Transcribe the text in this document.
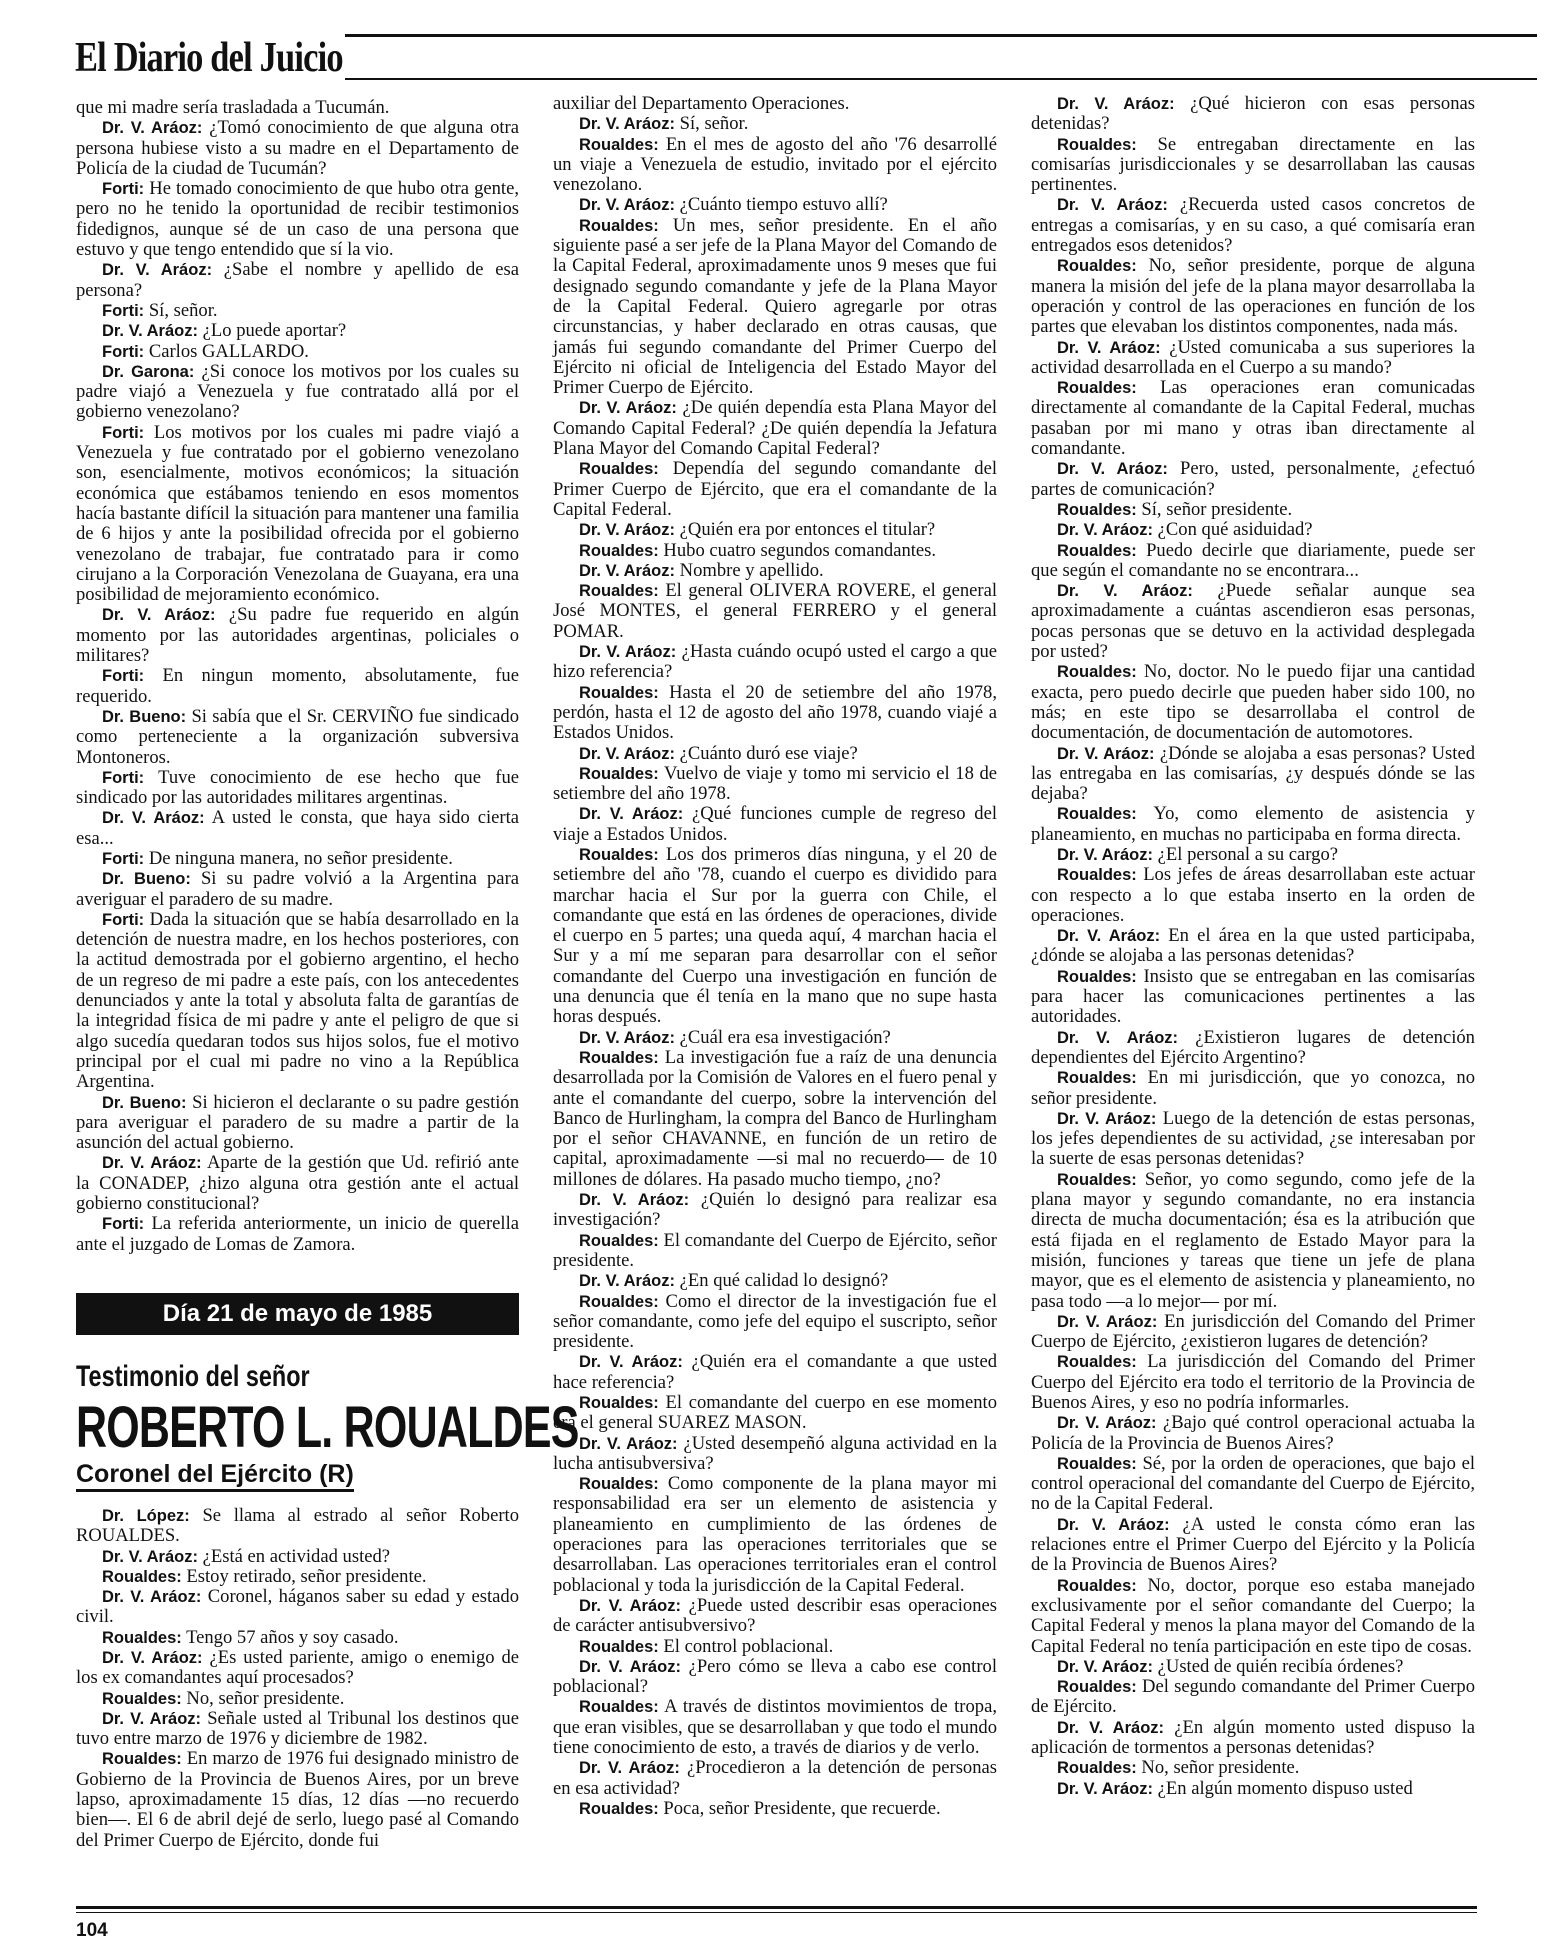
El Diario del Juicio

que mi madre sería trasladada a Tucumán.

Dr. V. Aráoz: ¿Tomó conocimiento de que alguna otra persona hubiese visto a su madre en el Departamento de Policía de la ciudad de Tucumán?

Forti: He tomado conocimiento de que hubo otra gente, pero no he tenido la oportunidad de recibir testimonios fidedignos, aunque sé de un caso de una persona que estuvo y que tengo entendido que sí la vio.

Dr. V. Aráoz: ¿Sabe el nombre y apellido de esa persona?

Forti: Sí, señor.

Dr. V. Aráoz: ¿Lo puede aportar?

Forti: Carlos GALLARDO.

Dr. Garona: ¿Si conoce los motivos por los cuales su padre viajó a Venezuela y fue contratado allá por el gobierno venezolano?

Forti: Los motivos por los cuales mi padre viajó a Venezuela y fue contratado por el gobierno venezolano son, esencialmente, motivos económicos; la situación económica que estábamos teniendo en esos momentos hacía bastante difícil la situación para mantener una familia de 6 hijos y ante la posibilidad ofrecida por el gobierno venezolano de trabajar, fue contratado para ir como cirujano a la Corporación Venezolana de Guayana, era una posibilidad de mejoramiento económico.

Dr. V. Aráoz: ¿Su padre fue requerido en algún momento por las autoridades argentinas, policiales o militares?

Forti: En ningun momento, absolutamente, fue requerido.

Dr. Bueno: Si sabía que el Sr. CERVIÑO fue sindicado como perteneciente a la organización subversiva Montoneros.

Forti: Tuve conocimiento de ese hecho que fue sindicado por las autoridades militares argentinas.

Dr. V. Aráoz: A usted le consta, que haya sido cierta esa...

Forti: De ninguna manera, no señor presidente.

Dr. Bueno: Si su padre volvió a la Argentina para averiguar el paradero de su madre.

Forti: Dada la situación que se había desarrollado en la detención de nuestra madre, en los hechos posteriores, con la actitud demostrada por el gobierno argentino, el hecho de un regreso de mi padre a este país, con los antecedentes denunciados y ante la total y absoluta falta de garantías de la integridad física de mi padre y ante el peligro de que si algo sucedía quedaran todos sus hijos solos, fue el motivo principal por el cual mi padre no vino a la República Argentina.

Dr. Bueno: Si hicieron el declarante o su padre gestión para averiguar el paradero de su madre a partir de la asunción del actual gobierno.

Dr. V. Aráoz: Aparte de la gestión que Ud. refirió ante la CONADEP, ¿hizo alguna otra gestión ante el actual gobierno constitucional?

Forti: La referida anteriormente, un inicio de querella ante el juzgado de Lomas de Zamora.

Día 21 de mayo de 1985
Testimonio del señor
ROBERTO L. ROUALDES
Coronel del Ejército (R)

Dr. López: Se llama al estrado al señor Roberto ROUALDES.

Dr. V. Aráoz: ¿Está en actividad usted?

Roualdes: Estoy retirado, señor presidente.

Dr. V. Aráoz: Coronel, háganos saber su edad y estado civil.

Roualdes: Tengo 57 años y soy casado.

Dr. V. Aráoz: ¿Es usted pariente, amigo o enemigo de los ex comandantes aquí procesados?

Roualdes: No, señor presidente.

Dr. V. Aráoz: Señale usted al Tribunal los destinos que tuvo entre marzo de 1976 y diciembre de 1982.

Roualdes: En marzo de 1976 fui designado ministro de Gobierno de la Provincia de Buenos Aires, por un breve lapso, aproximadamente 15 días, 12 días —no recuerdo bien—. El 6 de abril dejé de serlo, luego pasé al Comando del Primer Cuerpo de Ejército, donde fui

auxiliar del Departamento Operaciones.

Dr. V. Aráoz: Sí, señor.

Roualdes: En el mes de agosto del año '76 desarrollé un viaje a Venezuela de estudio, invitado por el ejército venezolano.

Dr. V. Aráoz: ¿Cuánto tiempo estuvo allí?

Roualdes: Un mes, señor presidente. En el año siguiente pasé a ser jefe de la Plana Mayor del Comando de la Capital Federal, aproximadamente unos 9 meses que fui designado segundo comandante y jefe de la Plana Mayor de la Capital Federal. Quiero agregarle por otras circunstancias, y haber declarado en otras causas, que jamás fui segundo comandante del Primer Cuerpo del Ejército ni oficial de Inteligencia del Estado Mayor del Primer Cuerpo de Ejército.

Dr. V. Aráoz: ¿De quién dependía esta Plana Mayor del Comando Capital Federal? ¿De quién dependía la Jefatura Plana Mayor del Comando Capital Federal?

Roualdes: Dependía del segundo comandante del Primer Cuerpo de Ejército, que era el comandante de la Capital Federal.

Dr. V. Aráoz: ¿Quién era por entonces el titular?

Roualdes: Hubo cuatro segundos comandantes.

Dr. V. Aráoz: Nombre y apellido.

Roualdes: El general OLIVERA ROVERE, el general José MONTES, el general FERRERO y el general POMAR.

Dr. V. Aráoz: ¿Hasta cuándo ocupó usted el cargo a que hizo referencia?

Roualdes: Hasta el 20 de setiembre del año 1978, perdón, hasta el 12 de agosto del año 1978, cuando viajé a Estados Unidos.

Dr. V. Aráoz: ¿Cuánto duró ese viaje?

Roualdes: Vuelvo de viaje y tomo mi servicio el 18 de setiembre del año 1978.

Dr. V. Aráoz: ¿Qué funciones cumple de regreso del viaje a Estados Unidos.

Roualdes: Los dos primeros días ninguna, y el 20 de setiembre del año '78, cuando el cuerpo es dividido para marchar hacia el Sur por la guerra con Chile, el comandante que está en las órdenes de operaciones, divide el cuerpo en 5 partes; una queda aquí, 4 marchan hacia el Sur y a mí me separan para desarrollar con el señor comandante del Cuerpo una investigación en función de una denuncia que él tenía en la mano que no supe hasta horas después.

Dr. V. Aráoz: ¿Cuál era esa investigación?

Roualdes: La investigación fue a raíz de una denuncia desarrollada por la Comisión de Valores en el fuero penal y ante el comandante del cuerpo, sobre la intervención del Banco de Hurlingham, la compra del Banco de Hurlingham por el señor CHAVANNE, en función de un retiro de capital, aproximadamente —si mal no recuerdo— de 10 millones de dólares. Ha pasado mucho tiempo, ¿no?

Dr. V. Aráoz: ¿Quién lo designó para realizar esa investigación?

Roualdes: El comandante del Cuerpo de Ejército, señor presidente.

Dr. V. Aráoz: ¿En qué calidad lo designó?

Roualdes: Como el director de la investigación fue el señor comandante, como jefe del equipo el suscripto, señor presidente.

Dr. V. Aráoz: ¿Quién era el comandante a que usted hace referencia?

Roualdes: El comandante del cuerpo en ese momento era el general SUAREZ MASON.

Dr. V. Aráoz: ¿Usted desempeñó alguna actividad en la lucha antisubversiva?

Roualdes: Como componente de la plana mayor mi responsabilidad era ser un elemento de asistencia y planeamiento en cumplimiento de las órdenes de operaciones para las operaciones territoriales que se desarrollaban. Las operaciones territoriales eran el control poblacional y toda la jurisdicción de la Capital Federal.

Dr. V. Aráoz: ¿Puede usted describir esas operaciones de carácter antisubversivo?

Roualdes: El control poblacional.

Dr. V. Aráoz: ¿Pero cómo se lleva a cabo ese control poblacional?

Roualdes: A través de distintos movimientos de tropa, que eran visibles, que se desarrollaban y que todo el mundo tiene conocimiento de esto, a través de diarios y de verlo.

Dr. V. Aráoz: ¿Procedieron a la detención de personas en esa actividad?

Roualdes: Poca, señor Presidente, que recuerde.

Dr. V. Aráoz: ¿Qué hicieron con esas personas detenidas?

Roualdes: Se entregaban directamente en las comisarías jurisdiccionales y se desarrollaban las causas pertinentes.

Dr. V. Aráoz: ¿Recuerda usted casos concretos de entregas a comisarías, y en su caso, a qué comisaría eran entregados esos detenidos?

Roualdes: No, señor presidente, porque de alguna manera la misión del jefe de la plana mayor desarrollaba la operación y control de las operaciones en función de los partes que elevaban los distintos componentes, nada más.

Dr. V. Aráoz: ¿Usted comunicaba a sus superiores la actividad desarrollada en el Cuerpo a su mando?

Roualdes: Las operaciones eran comunicadas directamente al comandante de la Capital Federal, muchas pasaban por mi mano y otras iban directamente al comandante.

Dr. V. Aráoz: Pero, usted, personalmente, ¿efectuó partes de comunicación?

Roualdes: Sí, señor presidente.

Dr. V. Aráoz: ¿Con qué asiduidad?

Roualdes: Puedo decirle que diariamente, puede ser que según el comandante no se encontrara...

Dr. V. Aráoz: ¿Puede señalar aunque sea aproximadamente a cuántas ascendieron esas personas, pocas personas que se detuvo en la actividad desplegada por usted?

Roualdes: No, doctor. No le puedo fijar una cantidad exacta, pero puedo decirle que pueden haber sido 100, no más; en este tipo se desarrollaba el control de documentación, de documentación de automotores.

Dr. V. Aráoz: ¿Dónde se alojaba a esas personas? Usted las entregaba en las comisarías, ¿y después dónde se las dejaba?

Roualdes: Yo, como elemento de asistencia y planeamiento, en muchas no participaba en forma directa.

Dr. V. Aráoz: ¿El personal a su cargo?

Roualdes: Los jefes de áreas desarrollaban este actuar con respecto a lo que estaba inserto en la orden de operaciones.

Dr. V. Aráoz: En el área en la que usted participaba, ¿dónde se alojaba a las personas detenidas?

Roualdes: Insisto que se entregaban en las comisarías para hacer las comunicaciones pertinentes a las autoridades.

Dr. V. Aráoz: ¿Existieron lugares de detención dependientes del Ejército Argentino?

Roualdes: En mi jurisdicción, que yo conozca, no señor presidente.

Dr. V. Aráoz: Luego de la detención de estas personas, los jefes dependientes de su actividad, ¿se interesaban por la suerte de esas personas detenidas?

Roualdes: Señor, yo como segundo, como jefe de la plana mayor y segundo comandante, no era instancia directa de mucha documentación; ésa es la atribución que está fijada en el reglamento de Estado Mayor para la misión, funciones y tareas que tiene un jefe de plana mayor, que es el elemento de asistencia y planeamiento, no pasa todo —a lo mejor— por mí.

Dr. V. Aráoz: En jurisdicción del Comando del Primer Cuerpo de Ejército, ¿existieron lugares de detención?

Roualdes: La jurisdicción del Comando del Primer Cuerpo del Ejército era todo el territorio de la Provincia de Buenos Aires, y eso no podría informarles.

Dr. V. Aráoz: ¿Bajo qué control operacional actuaba la Policía de la Provincia de Buenos Aires?

Roualdes: Sé, por la orden de operaciones, que bajo el control operacional del comandante del Cuerpo de Ejército, no de la Capital Federal.

Dr. V. Aráoz: ¿A usted le consta cómo eran las relaciones entre el Primer Cuerpo del Ejército y la Policía de la Provincia de Buenos Aires?

Roualdes: No, doctor, porque eso estaba manejado exclusivamente por el señor comandante del Cuerpo; la Capital Federal y menos la plana mayor del Comando de la Capital Federal no tenía participación en este tipo de cosas.

Dr. V. Aráoz: ¿Usted de quién recibía órdenes?

Roualdes: Del segundo comandante del Primer Cuerpo de Ejército.

Dr. V. Aráoz: ¿En algún momento usted dispuso la aplicación de tormentos a personas detenidas?

Roualdes: No, señor presidente.

Dr. V. Aráoz: ¿En algún momento dispuso usted

104
